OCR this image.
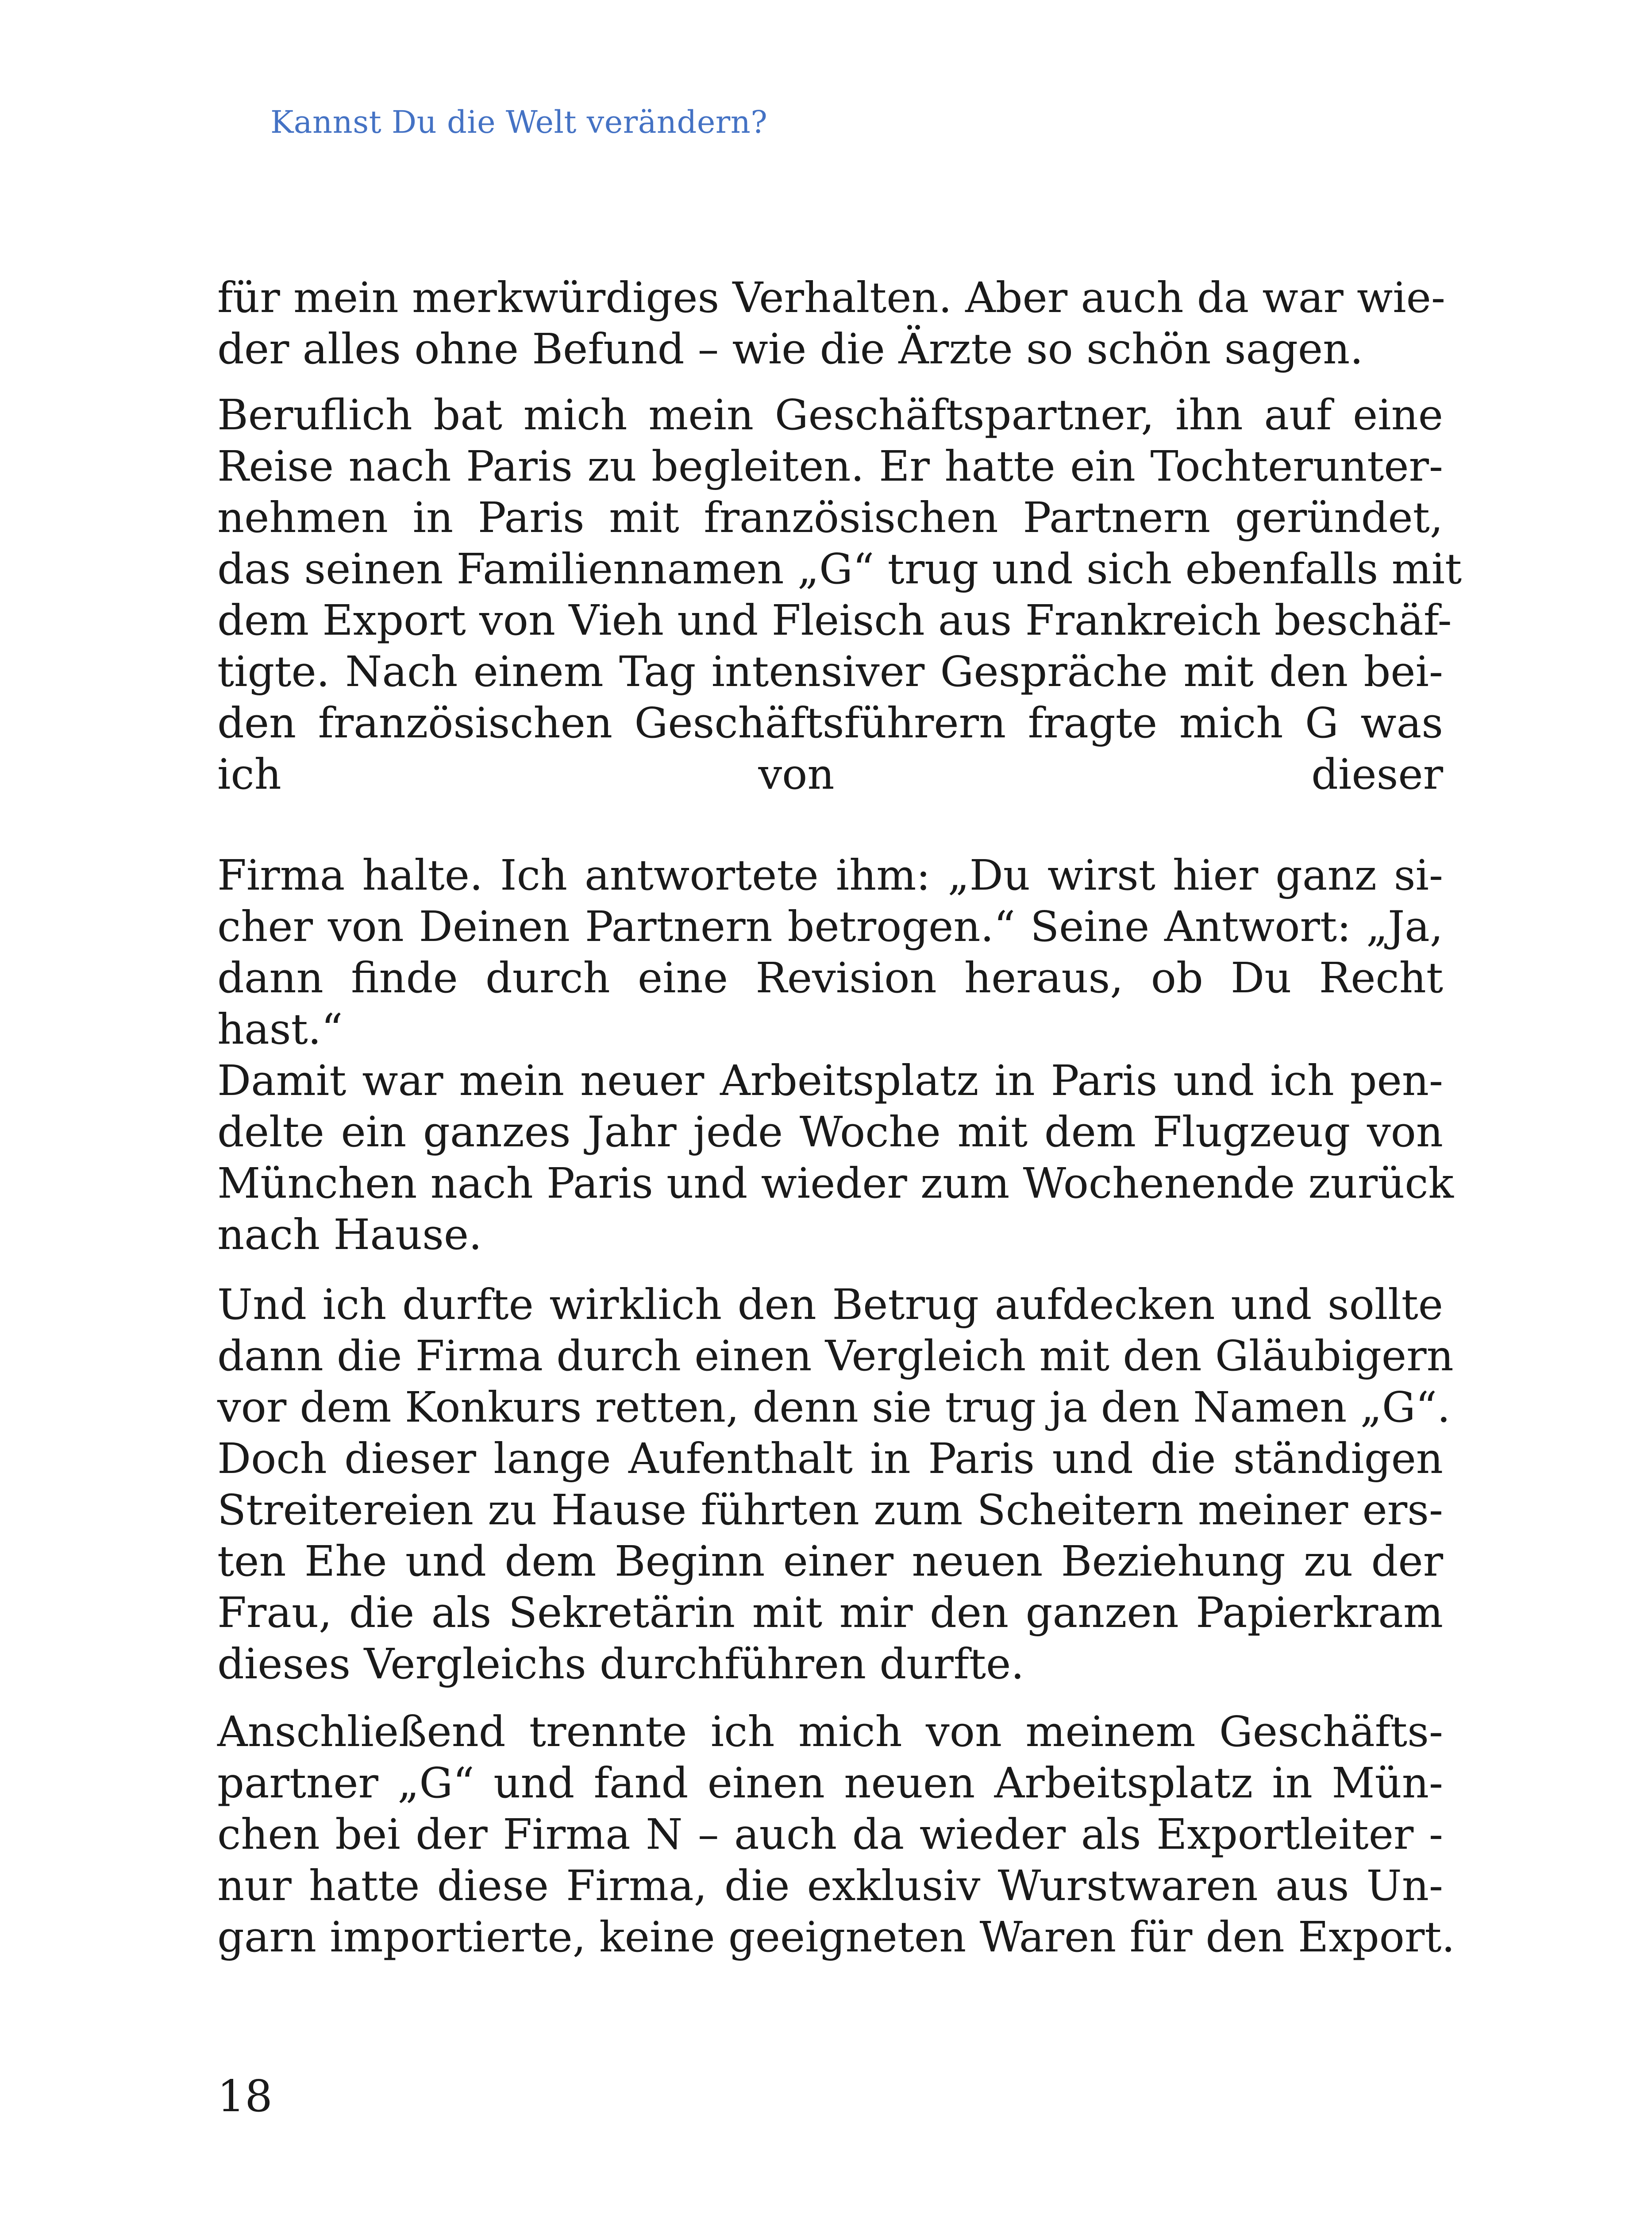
Kannst Du die Welt verändern?
für mein merkwürdiges Verhalten. Aber auch da war wie-
der alles ohne Befund – wie die Ärzte so schön sagen.
Beruflich bat mich mein Geschäftspartner, ihn auf eine
Reise nach Paris zu begleiten. Er hatte ein Tochterunter-
nehmen in Paris mit französischen Partnern geründet,
das seinen Familiennamen „G“ trug und sich ebenfalls mit
dem Export von Vieh und Fleisch aus Frankreich beschäf-
tigte. Nach einem Tag intensiver Gespräche mit den bei-
den französischen Geschäftsführern fragte mich G was
ich von dieser
Firma halte. Ich antwortete ihm: „Du wirst hier ganz si-
cher von Deinen Partnern betrogen.“ Seine Antwort: „Ja,
dann finde durch eine Revision heraus, ob Du Recht
hast.“
Damit war mein neuer Arbeitsplatz in Paris und ich pen-
delte ein ganzes Jahr jede Woche mit dem Flugzeug von
München nach Paris und wieder zum Wochenende zurück
nach Hause.
Und ich durfte wirklich den Betrug aufdecken und sollte
dann die Firma durch einen Vergleich mit den Gläubigern
vor dem Konkurs retten, denn sie trug ja den Namen „G“.
Doch dieser lange Aufenthalt in Paris und die ständigen
Streitereien zu Hause führten zum Scheitern meiner ers-
ten Ehe und dem Beginn einer neuen Beziehung zu der
Frau, die als Sekretärin mit mir den ganzen Papierkram
dieses Vergleichs durchführen durfte.
Anschließend trennte ich mich von meinem Geschäfts-
partner „G“ und fand einen neuen Arbeitsplatz in Mün-
chen bei der Firma N – auch da wieder als Exportleiter -
nur hatte diese Firma, die exklusiv Wurstwaren aus Un-
garn importierte, keine geeigneten Waren für den Export.
18
